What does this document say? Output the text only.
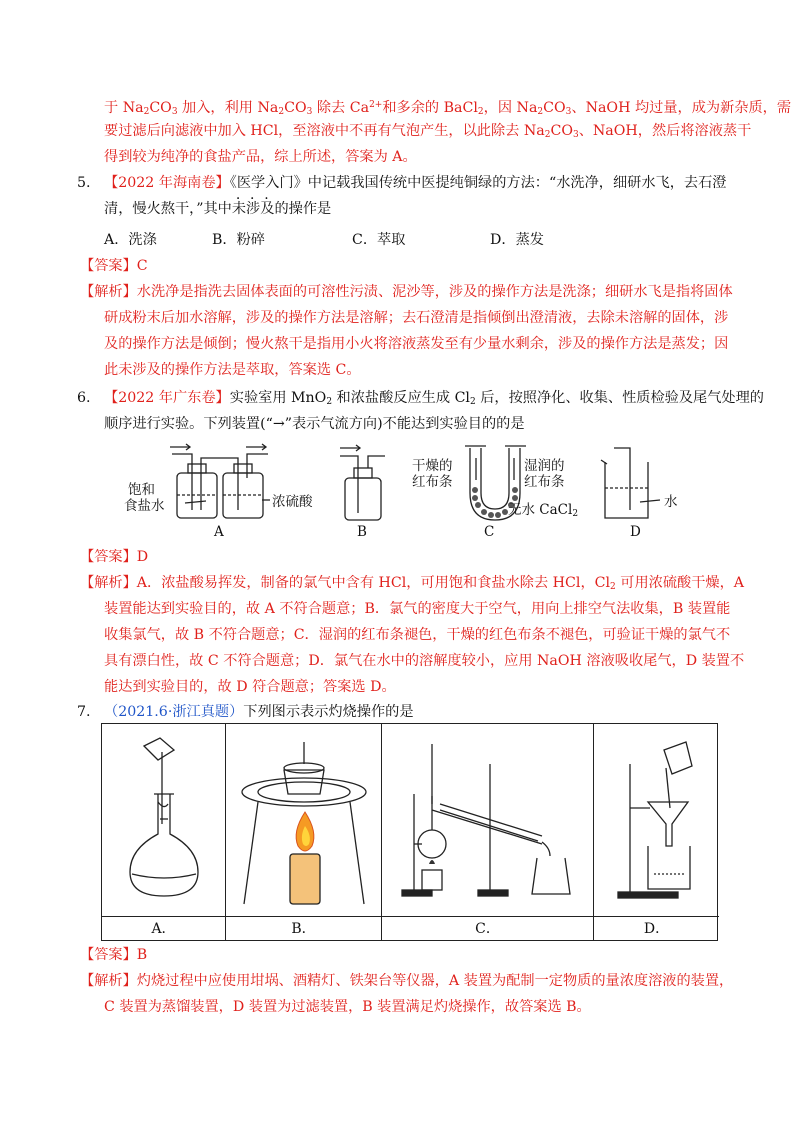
于 $Na_2CO_3$ 加入，利用 $Na_2CO_3$ 除去 $Ca^{2+}$和多余的 BaCl$_2$，因 $Na_2CO_3$、NaOH 均过量，成为新杂质，需
要过滤后向滤液中加入 HCl，至溶液中不再有气泡产生，以此除去 $Na_2CO_3$、NaOH，然后将溶液蒸干
得到较为纯净的食盐产品，综上所述，答案为 A。
5. 【2022 年海南卷】《医学入门》中记载我国传统中医提纯铜绿的方法：“水洗净，细研水飞，去石澄
清，慢火熬干，”其中未涉及的操作是
A．洗涤	B．粉碎	C．萃取	D．蒸发
【答案】C
【解析】水洗净是指洗去固体表面的可溶性污渍、泥沙等，涉及的操作方法是洗涤；细研水飞是指将固体
研成粉末后加水溶解，涉及的操作方法是溶解；去石澄清是指倾倒出澄清液，去除未溶解的固体，涉
及的操作方法是倾倒；慢火熬干是指用小火将溶液蒸发至有少量水剩余，涉及的操作方法是蒸发；因
此未涉及的操作方法是萃取，答案选 C。
6. 【2022 年广东卷】实验室用 MnO$_2$ 和浓盐酸反应生成 $Cl_2$ 后，按照净化、收集、性质检验及尾气处理的
顺序进行实验。下列装置(“→”表示气流方向)不能达到实验目的的是
饱和
食盐水	浓硫酸
干燥的
红布条
湿润的
红布条
无水 CaCl$_2$
水
A	B	C	D
【答案】D
【解析】A．浓盐酸易挥发，制备的氯气中含有 HCl，可用饱和食盐水除去 HCl，$Cl_2$ 可用浓硫酸干燥，A
装置能达到实验目的，故 A 不符合题意；B．氯气的密度大于空气，用向上排空气法收集，B 装置能
收集氯气，故 B 不符合题意；C．湿润的红布条褪色，干燥的红色布条不褪色，可验证干燥的氯气不
具有漂白性，故 C 不符合题意；D．氯气在水中的溶解度较小，应用 NaOH 溶液吸收尾气，D 装置不
能达到实验目的，故 D 符合题意；答案选 D。
7. （2021.6·浙江真题）下列图示表示灼烧操作的是
A．	B．	C．	D．
【答案】B
【解析】灼烧过程中应使用坩埚、酒精灯、铁架台等仪器，A 装置为配制一定物质的量浓度溶液的装置，
C 装置为蒸馏装置，D 装置为过滤装置，B 装置满足灼烧操作，故答案选 B。
